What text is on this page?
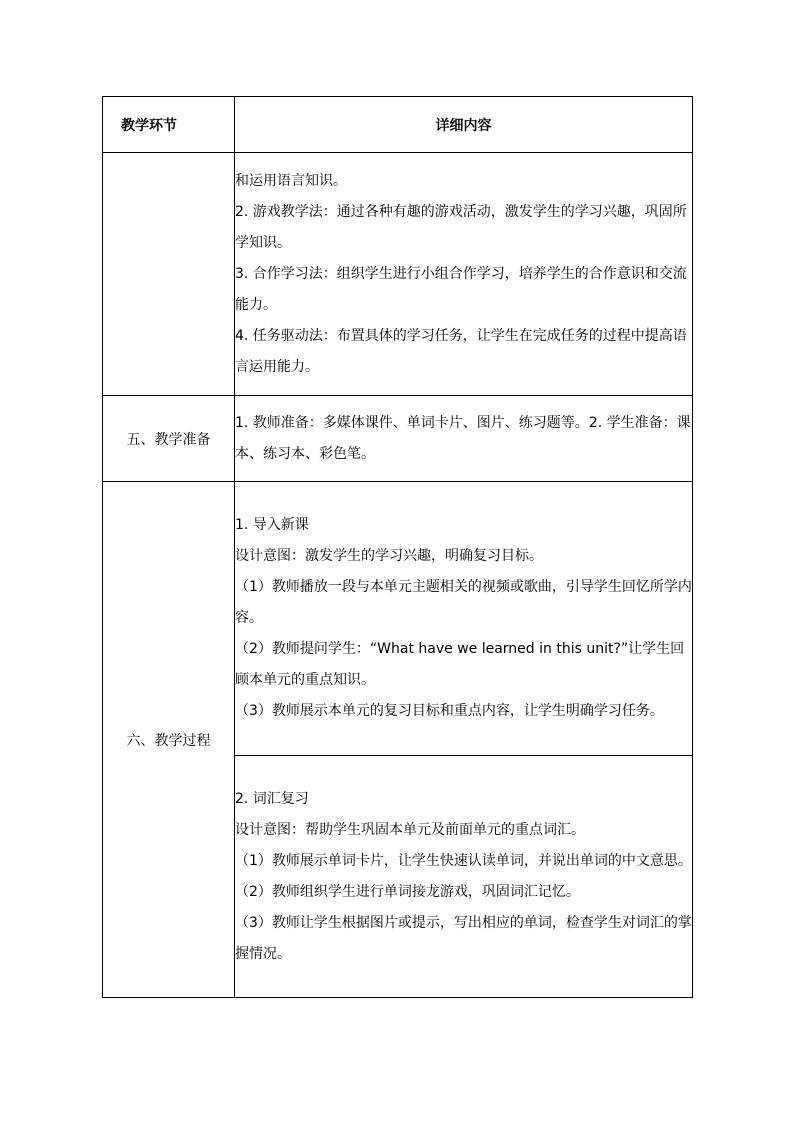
教学环节	详细内容

	和运用语言知识。

2. 游戏教学法：通过各种有趣的游戏活动，激发学生的学习兴趣，巩固所学知识。

3. 合作学习法：组织学生进行小组合作学习，培养学生的合作意识和交流能力。

4. 任务驱动法：布置具体的学习任务，让学生在完成任务的过程中提高语言运用能力。

五、教学准备	1. 教师准备：多媒体课件、单词卡片、图片、练习题等。2. 学生准备：课本、练习本、彩色笔。

六、教学过程	1. 导入新课

设计意图：激发学生的学习兴趣，明确复习目标。

（1）教师播放一段与本单元主题相关的视频或歌曲，引导学生回忆所学内容。

（2）教师提问学生：“What have we learned in this unit?”让学生回顾本单元的重点知识。

（3）教师展示本单元的复习目标和重点内容，让学生明确学习任务。

	2. 词汇复习

设计意图：帮助学生巩固本单元及前面单元的重点词汇。

（1）教师展示单词卡片，让学生快速认读单词，并说出单词的中文意思。

（2）教师组织学生进行单词接龙游戏，巩固词汇记忆。

（3）教师让学生根据图片或提示，写出相应的单词，检查学生对词汇的掌握情况。
